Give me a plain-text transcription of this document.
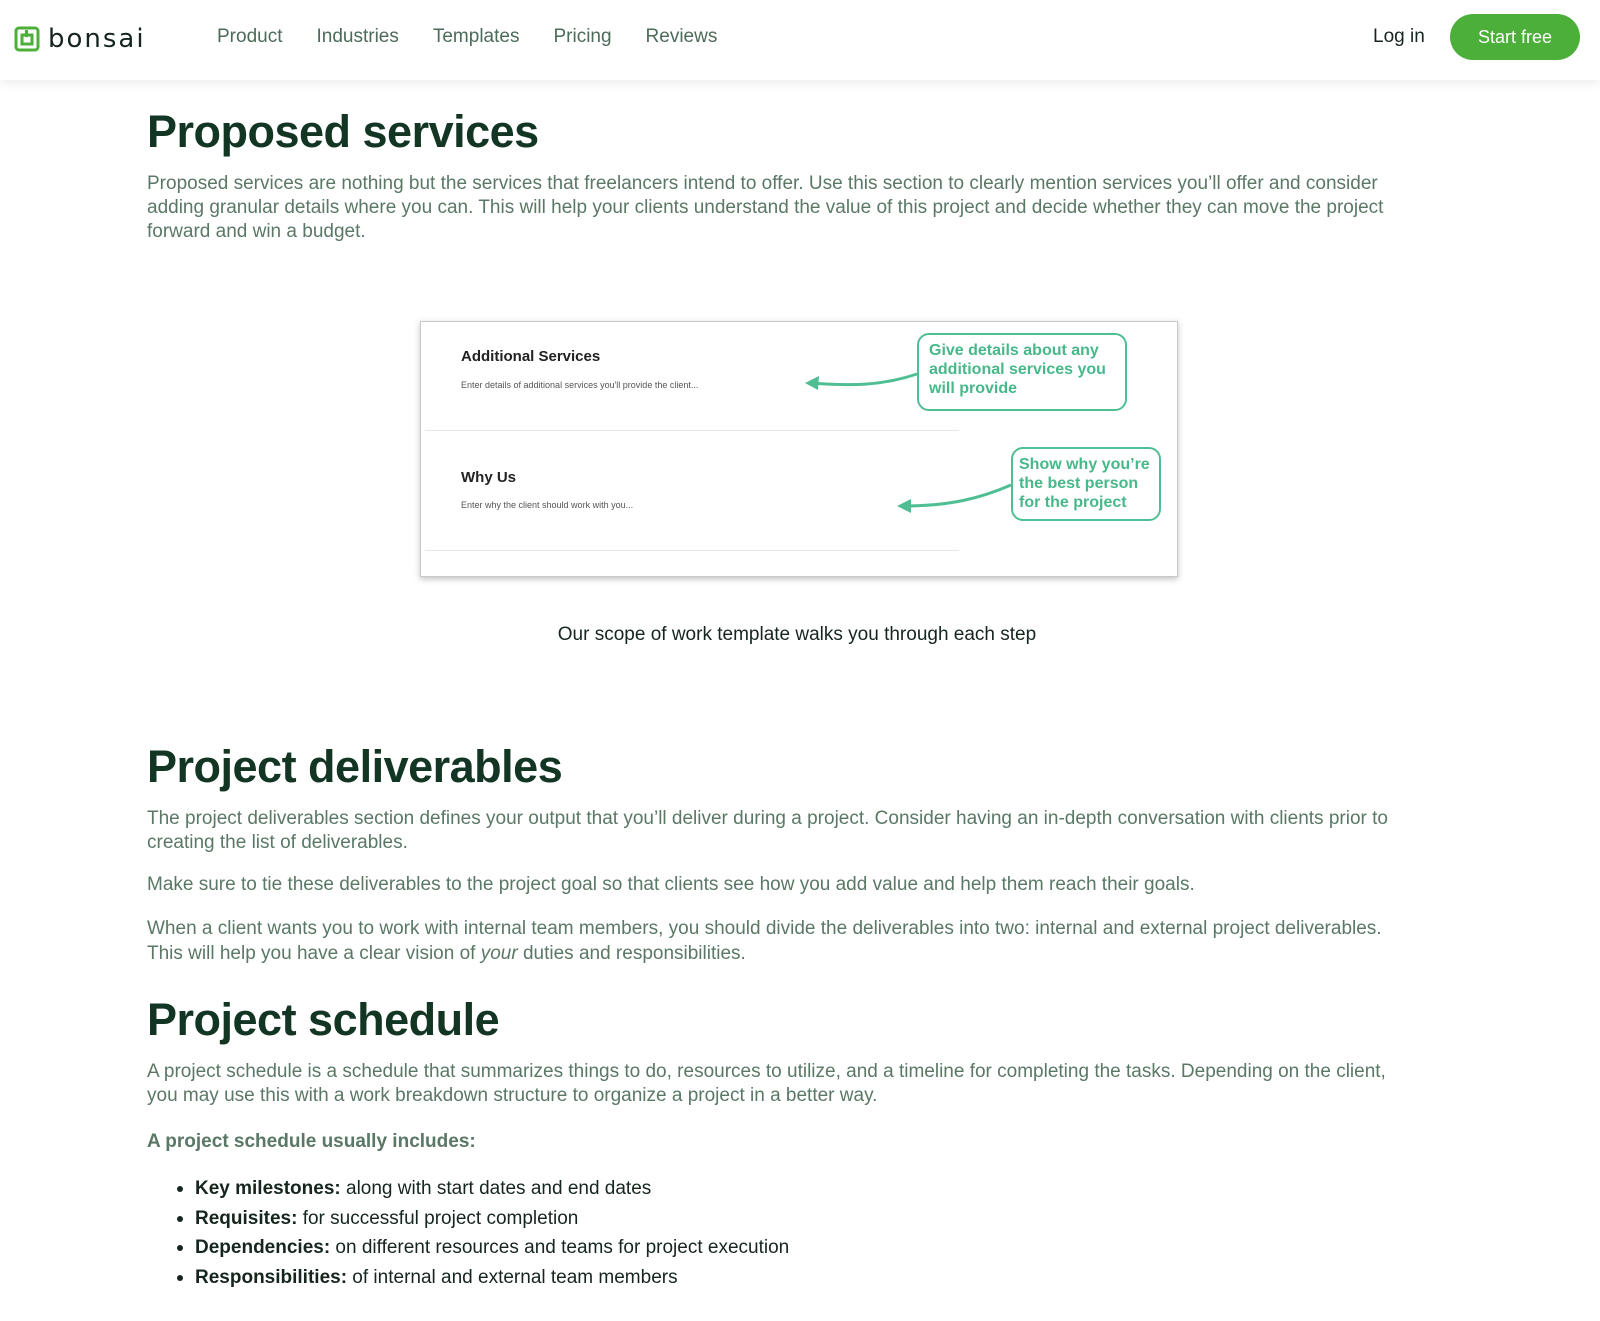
bonsai	Product Industries Templates Pricing Reviews	Log in	Start free
Proposed services

Proposed services are nothing but the services that freelancers intend to offer. Use this section to clearly mention services you’ll offer and consider adding granular details where you can. This will help your clients understand the value of this project and decide whether they can move the project forward and win a budget.

Additional Services
Enter details of additional services you'll provide the client...
Why Us
Enter why the client should work with you...
Give details about any additional services you will provide
Show why you’re the best person for the project
Our scope of work template walks you through each step
Project deliverables

The project deliverables section defines your output that you’ll deliver during a project. Consider having an in-depth conversation with clients prior to creating the list of deliverables.

Make sure to tie these deliverables to the project goal so that clients see how you add value and help them reach their goals.

When a client wants you to work with internal team members, you should divide the deliverables into two: internal and external project deliverables. This will help you have a clear vision of your duties and responsibilities.

Project schedule

A project schedule is a schedule that summarizes things to do, resources to utilize, and a timeline for completing the tasks. Depending on the client, you may use this with a work breakdown structure to organize a project in a better way.

A project schedule usually includes:
Key milestones: along with start dates and end dates
Requisites: for successful project completion
Dependencies: on different resources and teams for project execution
Responsibilities: of internal and external team members
